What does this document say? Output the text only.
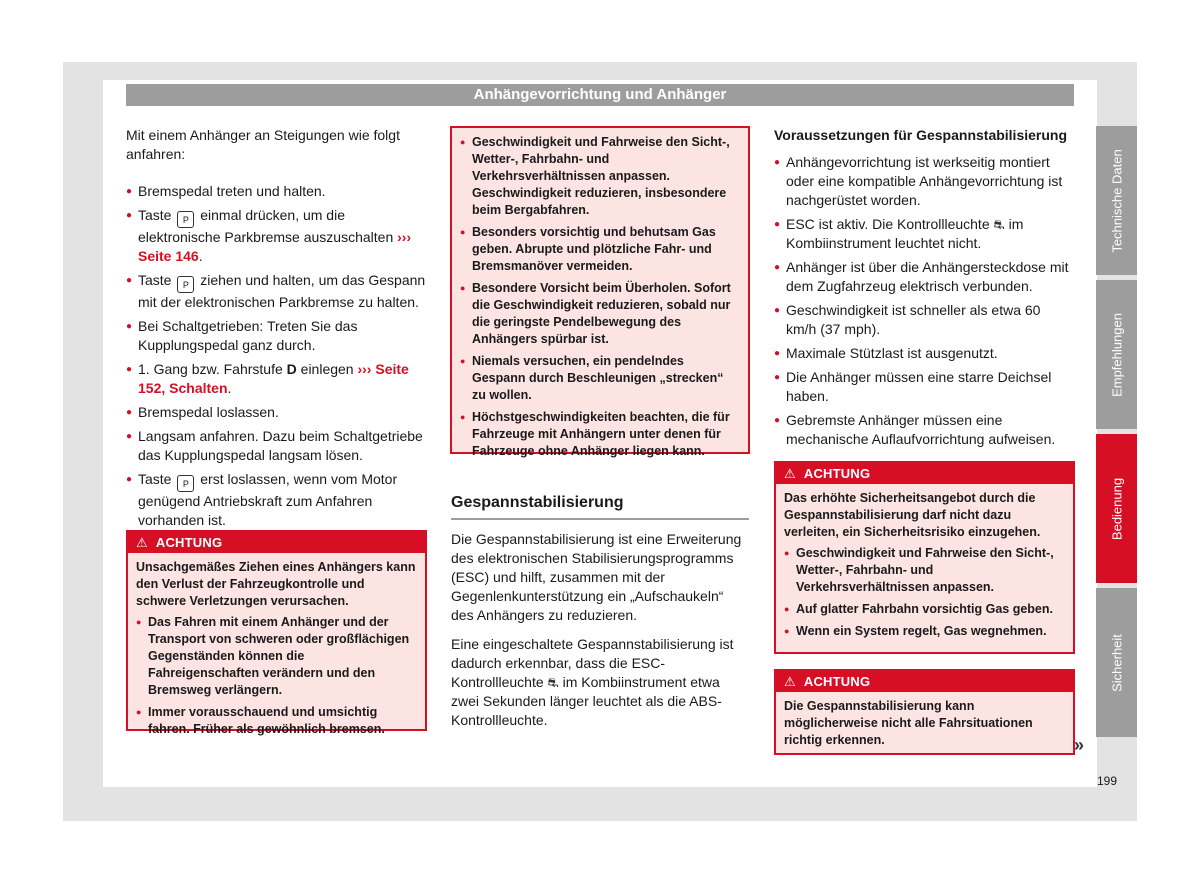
Anhängevorrichtung und Anhänger

Mit einem Anhänger an Steigungen wie folgt anfahren:

● Bremspedal treten und halten.
● Taste P einmal drücken, um die elektronische Parkbremse auszuschalten ››› Seite 146.
● Taste P ziehen und halten, um das Gespann mit der elektronischen Parkbremse zu halten.
● Bei Schaltgetrieben: Treten Sie das Kupplungspedal ganz durch.
● 1. Gang bzw. Fahrstufe D einlegen ››› Seite 152, Schalten.
● Bremspedal loslassen.
● Langsam anfahren. Dazu beim Schaltgetriebe das Kupplungspedal langsam lösen.
● Taste P erst loslassen, wenn vom Motor genügend Antriebskraft zum Anfahren vorhanden ist.
⚠ ACHTUNG

Unsachgemäßes Ziehen eines Anhängers kann den Verlust der Fahrzeugkontrolle und schwere Verletzungen verursachen.

● Das Fahren mit einem Anhänger und der Transport von schweren oder großflächigen Gegenständen können die Fahreigenschaften verändern und den Bremsweg verlängern.
● Immer vorausschauend und umsichtig fahren. Früher als gewöhnlich bremsen.
● Geschwindigkeit und Fahrweise den Sicht-, Wetter-, Fahrbahn- und Verkehrsverhältnissen anpassen. Geschwindigkeit reduzieren, insbesondere beim Bergabfahren.
● Besonders vorsichtig und behutsam Gas geben. Abrupte und plötzliche Fahr- und Bremsmanöver vermeiden.
● Besondere Vorsicht beim Überholen. Sofort die Geschwindigkeit reduzieren, sobald nur die geringste Pendelbewegung des Anhängers spürbar ist.
● Niemals versuchen, ein pendelndes Gespann durch Beschleunigen „strecken“ zu wollen.
● Höchstgeschwindigkeiten beachten, die für Fahrzeuge mit Anhängern unter denen für Fahrzeuge ohne Anhänger liegen kann.
Gespannstabilisierung

Die Gespannstabilisierung ist eine Erweiterung des elektronischen Stabilisierungsprogramms (ESC) und hilft, zusammen mit der Gegenlenkunterstützung ein „Aufschaukeln“ des Anhängers zu reduzieren.

Eine eingeschaltete Gespannstabilisierung ist dadurch erkennbar, dass die ESC-Kontrollleuchte ⛐ im Kombiinstrument etwa zwei Sekunden länger leuchtet als die ABS-Kontrollleuchte.

Voraussetzungen für Gespannstabilisierung
● Anhängevorrichtung ist werkseitig montiert oder eine kompatible Anhängevorrichtung ist nachgerüstet worden.
● ESC ist aktiv. Die Kontrollleuchte ⛐ im Kombiinstrument leuchtet nicht.
● Anhänger ist über die Anhängersteckdose mit dem Zugfahrzeug elektrisch verbunden.
● Geschwindigkeit ist schneller als etwa 60 km/h (37 mph).
● Maximale Stützlast ist ausgenutzt.
● Die Anhänger müssen eine starre Deichsel haben.
● Gebremste Anhänger müssen eine mechanische Auflaufvorrichtung aufweisen.
⚠ ACHTUNG

Das erhöhte Sicherheitsangebot durch die Gespannstabilisierung darf nicht dazu verleiten, ein Sicherheitsrisiko einzugehen.

● Geschwindigkeit und Fahrweise den Sicht-, Wetter-, Fahrbahn- und Verkehrsverhältnissen anpassen.
● Auf glatter Fahrbahn vorsichtig Gas geben.
● Wenn ein System regelt, Gas wegnehmen.
⚠ ACHTUNG

Die Gespannstabilisierung kann möglicherweise nicht alle Fahrsituationen richtig erkennen.	»
Technische Daten
Empfehlungen
Bedienung
Sicherheit
199
